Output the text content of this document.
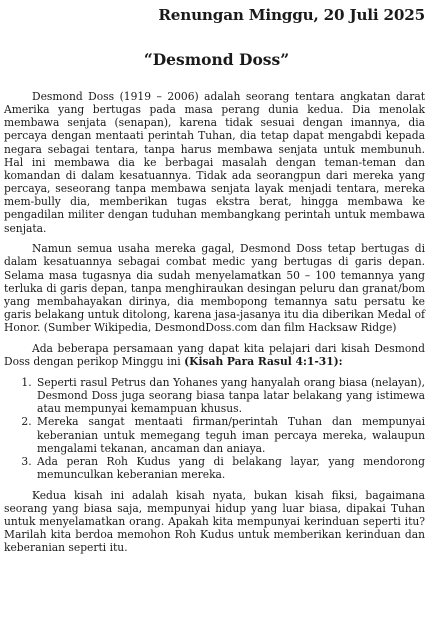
Renungan Minggu, 20 Juli 2025
“Desmond Doss”

Desmond Doss (1919 – 2006) adalah seorang tentara angkatan darat Amerika yang bertugas pada masa perang dunia kedua. Dia menolak membawa senjata (senapan), karena tidak sesuai dengan imannya, dia percaya dengan mentaati perintah Tuhan, dia tetap dapat mengabdi kepada negara sebagai tentara, tanpa harus membawa senjata untuk membunuh. Hal ini membawa dia ke berbagai masalah dengan teman-teman dan komandan di dalam kesatuannya. Tidak ada seorangpun dari mereka yang percaya, seseorang tanpa membawa senjata layak menjadi tentara, mereka mem-bully dia, memberikan tugas ekstra berat, hingga membawa ke pengadilan militer dengan tuduhan membangkang perintah untuk membawa senjata.

Namun semua usaha mereka gagal, Desmond Doss tetap bertugas di dalam kesatuannya sebagai combat medic yang bertugas di garis depan. Selama masa tugasnya dia sudah menyelamatkan 50 – 100 temannya yang terluka di garis depan, tanpa menghiraukan desingan peluru dan granat/bom yang membahayakan dirinya, dia membopong temannya satu persatu ke garis belakang untuk ditolong, karena jasa-jasanya itu dia diberikan Medal of Honor. (Sumber Wikipedia, DesmondDoss.com dan film Hacksaw Ridge)

Ada beberapa persamaan yang dapat kita pelajari dari kisah Desmond Doss dengan perikop Minggu ini (Kisah Para Rasul 4:1-31):

1. Seperti rasul Petrus dan Yohanes yang hanyalah orang biasa (nelayan), Desmond Doss juga seorang biasa tanpa latar belakang yang istimewa atau mempunyai kemampuan khusus.
2. Mereka sangat mentaati firman/perintah Tuhan dan mempunyai keberanian untuk memegang teguh iman percaya mereka, walaupun mengalami tekanan, ancaman dan aniaya.
3. Ada peran Roh Kudus yang di belakang layar, yang mendorong memunculkan keberanian mereka.

Kedua kisah ini adalah kisah nyata, bukan kisah fiksi, bagaimana seorang yang biasa saja, mempunyai hidup yang luar biasa, dipakai Tuhan untuk menyelamatkan orang. Apakah kita mempunyai kerinduan seperti itu? Marilah kita berdoa memohon Roh Kudus untuk memberikan kerinduan dan keberanian seperti itu.
